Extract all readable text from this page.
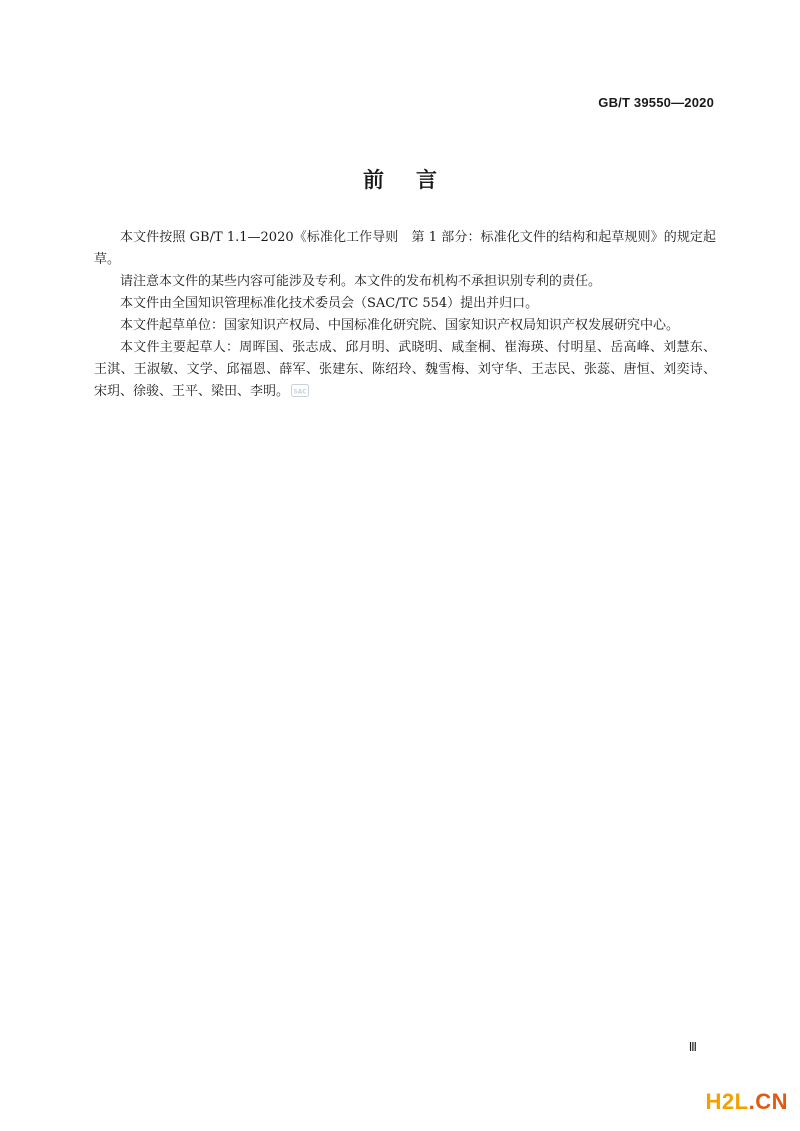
GB/T 39550—2020
前 言

本文件按照 GB/T 1.1—2020《标准化工作导则　第 1 部分：标准化文件的结构和起草规则》的规定起草。

请注意本文件的某些内容可能涉及专利。本文件的发布机构不承担识别专利的责任。

本文件由全国知识管理标准化技术委员会（SAC/TC 554）提出并归口。

本文件起草单位：国家知识产权局、中国标准化研究院、国家知识产权局知识产权发展研究中心。

本文件主要起草人：周晖国、张志成、邱月明、武晓明、咸奎桐、崔海瑛、付明星、岳高峰、刘慧东、王淇、王淑敏、文学、邱福恩、薛军、张建东、陈绍玲、魏雪梅、刘守华、王志民、张蕊、唐恒、刘奕诗、宋玥、徐骏、王平、梁田、李明。 SAC

Ⅲ
H2L.CN
